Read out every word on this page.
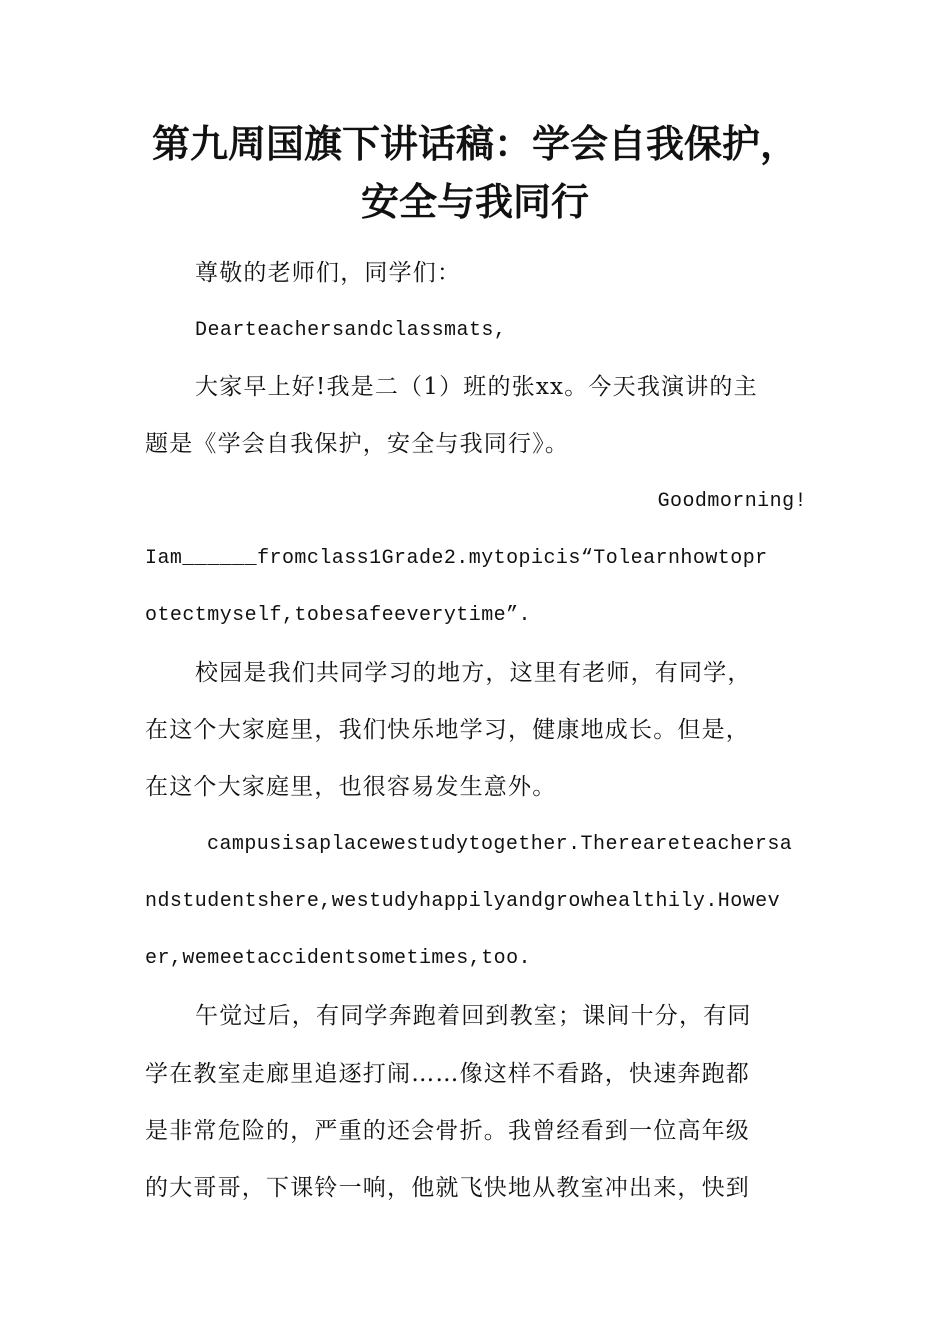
第九周国旗下讲话稿：学会自我保护，
安全与我同行
尊敬的老师们，同学们：
Dearteachersandclassmats,
大家早上好!我是二（1）班的张xx。今天我演讲的主
题是《学会自我保护，安全与我同行》。
Goodmorning!
Iam______fromclass1Grade2.mytopicis“Tolearnhowtopr
otectmyself,tobesafeeverytime”.
校园是我们共同学习的地方，这里有老师，有同学，
在这个大家庭里，我们快乐地学习，健康地成长。但是，
在这个大家庭里，也很容易发生意外。
campusisaplacewestudytogether.Thereareteachersa
ndstudentshere,westudyhappilyandgrowhealthily.Howev
er,wemeetaccidentsometimes,too.
午觉过后，有同学奔跑着回到教室；课间十分，有同
学在教室走廊里追逐打闹……像这样不看路，快速奔跑都
是非常危险的，严重的还会骨折。我曾经看到一位高年级
的大哥哥，下课铃一响，他就飞快地从教室冲出来，快到
